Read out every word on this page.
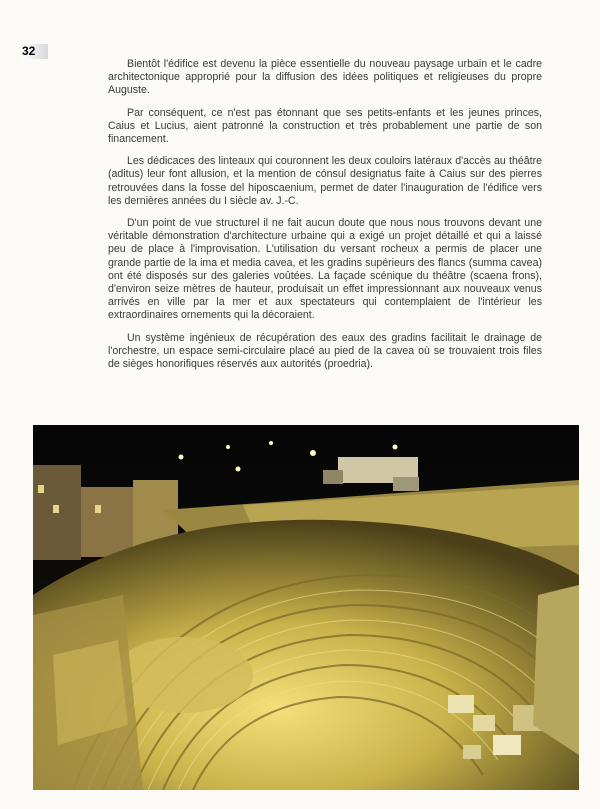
32

Bientôt l'édifice est devenu la pièce essentielle du nouveau paysage urbain et le cadre architectonique approprié pour la diffusion des idées politiques et religieuses du propre Auguste.

Par conséquent, ce n'est pas étonnant que ses petits-enfants et les jeunes princes, Caius et Lucius, aient patronné la construction et très probablement une partie de son financement.

Les dédicaces des linteaux qui couronnent les deux couloirs latéraux d'accès au théâtre (aditus) leur font allusion, et la mention de cónsul designatus faite à Caius sur des pierres retrouvées dans la fosse del hiposcaenium, permet de dater l'inauguration de l'édifice vers les dernières années du I siècle av. J.-C.

D'un point de vue structurel il ne fait aucun doute que nous nous trouvons devant une véritable démonstration d'architecture urbaine qui a exigé un projet détaillé et qui a laissé peu de place à l'improvisation. L'utilisation du versant rocheux a permis de placer une grande partie de la ima et media cavea, et les gradins supérieurs des flancs (summa cavea) ont été disposés sur des galeries voûtées. La façade scénique du théâtre (scaena frons), d'environ seize mètres de hauteur, produisait un effet impressionnant aux nouveaux venus arrivés en ville par la mer et aux spectateurs qui contemplaient de l'intérieur les extraordinaires ornements qui la décoraient.

Un système ingénieux de récupération des eaux des gradins facilitait le drainage de l'orchestre, un espace semi-circulaire placé au pied de la cavea où se trouvaient trois files de sièges honorifiques réservés aux autorités (proedria).
